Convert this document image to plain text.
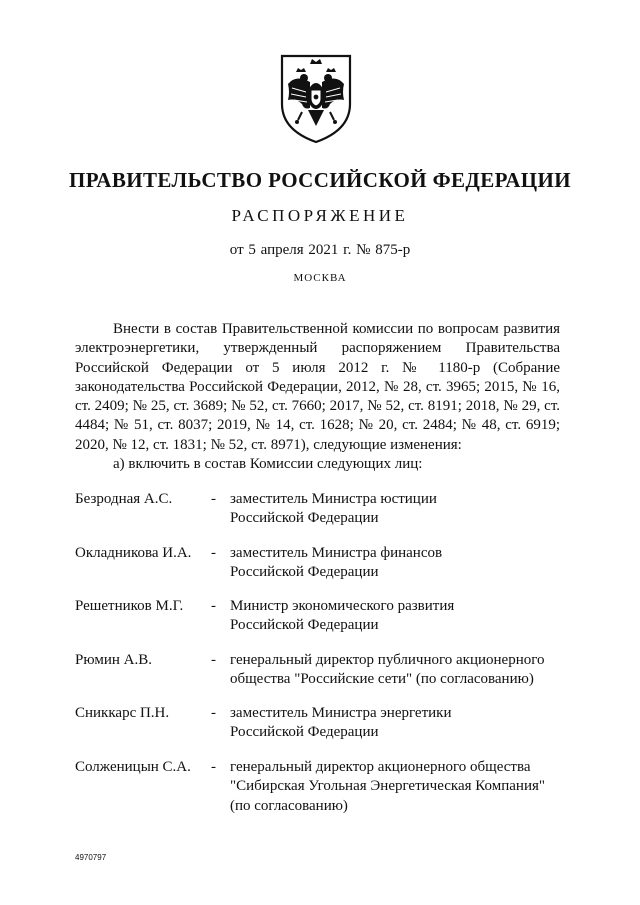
ПРАВИТЕЛЬСТВО РОССИЙСКОЙ ФЕДЕРАЦИИ
РАСПОРЯЖЕНИЕ
от 5 апреля 2021 г. № 875-р
МОСКВА

Внести в состав Правительственной комиссии по вопросам развития электроэнергетики, утвержденный распоряжением Правительства Российской Федерации от 5 июля 2012 г. № 1180-р (Собрание законодательства Российской Федерации, 2012, № 28, ст. 3965; 2015, № 16, ст. 2409; № 25, ст. 3689; № 52, ст. 7660; 2017, № 52, ст. 8191; 2018, № 29, ст. 4484; № 51, ст. 8037; 2019, № 14, ст. 1628; № 20, ст. 2484; № 48, ст. 6919; 2020, № 12, ст. 1831; № 52, ст. 8971), следующие изменения:

а) включить в состав Комиссии следующих лиц:

Безродная А.С.	- заместитель Министра юстиции
Российской Федерации
Окладникова И.А.	- заместитель Министра финансов
Российской Федерации
Решетников М.Г.	- Министр экономического развития
Российской Федерации
Рюмин А.В.	- генеральный директор публичного акционерного
общества "Российские сети" (по согласованию)
Сниккарс П.Н.	- заместитель Министра энергетики
Российской Федерации
Солженицын С.А.	- генеральный директор акционерного общества
"Сибирская Угольная Энергетическая Компания"
(по согласованию)
4970797
